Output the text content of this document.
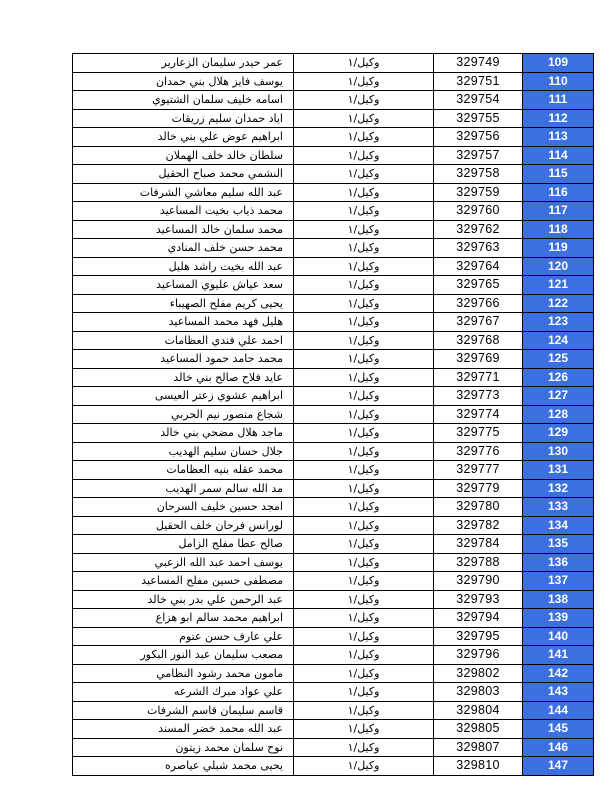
عمر حيدر سليمان الزعارير	وكيل/١	329749	109
يوسف فايز هلال بني حمدان	وكيل/١	329751	110
اسامه خليف سلمان الشتيوي	وكيل/١	329754	111
اياد حمدان سليم زريقات	وكيل/١	329755	112
ابراهيم عوض علي بني خالد	وكيل/١	329756	113
سلطان خالد خلف الهملان	وكيل/١	329757	114
النشمي محمد صباح الحقيل	وكيل/١	329758	115
عبد الله سليم معاشي الشرفات	وكيل/١	329759	116
محمد ذياب بخيت المساعيد	وكيل/١	329760	117
محمد سلمان خالد المساعيد	وكيل/١	329762	118
محمد حسن خلف المنادي	وكيل/١	329763	119
عبد الله بخيت راشد هليل	وكيل/١	329764	120
سعد عياش عليوي المساعيد	وكيل/١	329765	121
يحيى كريم مفلح الصهيباء	وكيل/١	329766	122
هليل فهد محمد المساعيد	وكيل/١	329767	123
احمد علي فندي العظامات	وكيل/١	329768	124
محمد حامد حمود المساعيد	وكيل/١	329769	125
عايد فلاح صالح بني خالد	وكيل/١	329771	126
ابراهيم عشوي زعتر العيسى	وكيل/١	329773	127
شجاع منصور نيم الحربي	وكيل/١	329774	128
ماجد هلال مضحي بني خالد	وكيل/١	329775	129
جلال حسان سليم الهديب	وكيل/١	329776	130
محمد عقله بنيه العظامات	وكيل/١	329777	131
مد الله سالم سمر الهديب	وكيل/١	329779	132
امجد حسين خليف السرحان	وكيل/١	329780	133
لورانس فرحان خلف الحقيل	وكيل/١	329782	134
صالح عطا مفلح الزامل	وكيل/١	329784	135
يوسف احمد عبد الله الزعبي	وكيل/١	329788	136
مصطفى حسين مفلح المساعيد	وكيل/١	329790	137
عبد الرحمن علي بدر بني خالد	وكيل/١	329793	138
ابراهيم محمد سالم ابو هزاع	وكيل/١	329794	139
علي عارف حسن عتوم	وكيل/١	329795	140
مصعب سليمان عبد النور البكور	وكيل/١	329796	141
مامون محمد رشود النظامي	وكيل/١	329802	142
علي عواد مبرك الشرعه	وكيل/١	329803	143
قاسم سليمان قاسم الشرفات	وكيل/١	329804	144
عبد الله محمد خضر المسند	وكيل/١	329805	145
نوح سلمان محمد زيتون	وكيل/١	329807	146
يحيى محمد شبلي عياصره	وكيل/١	329810	147
